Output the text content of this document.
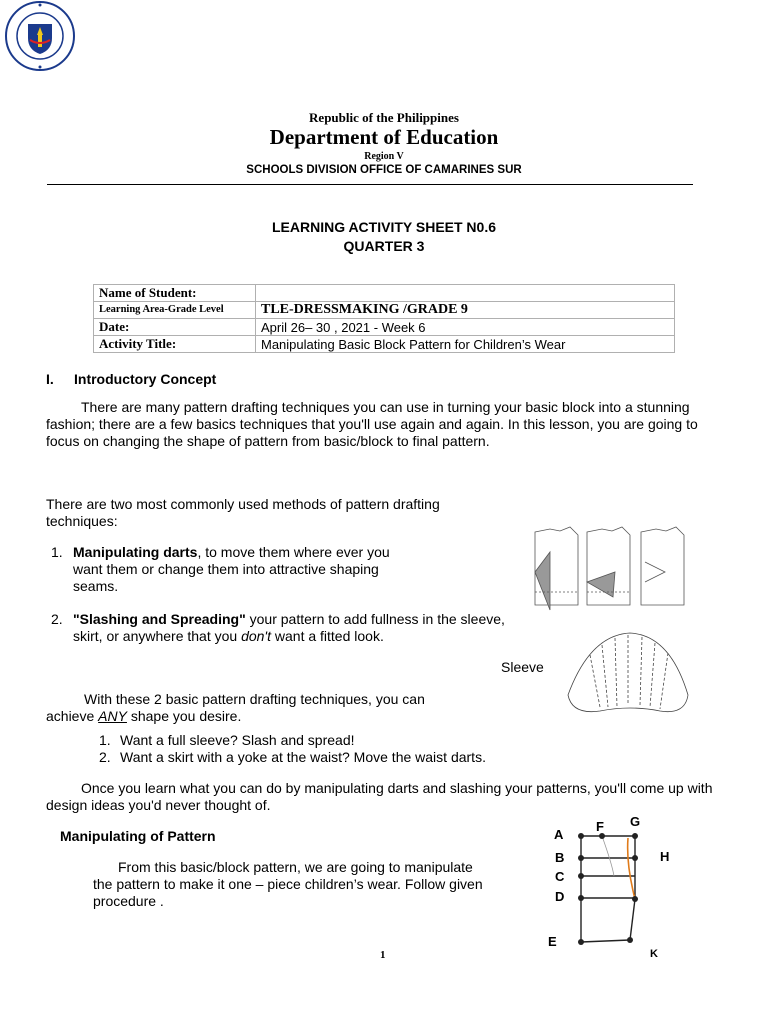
Republic of the Philippines
Department of Education
Region V
SCHOOLS DIVISION OFFICE OF CAMARINES SUR
LEARNING ACTIVITY SHEET N0.6
QUARTER 3
Name of Student:	
Learning Area-Grade Level	TLE-DRESSMAKING /GRADE 9
Date:	April 26– 30 , 2021 - Week 6
Activity Title:	Manipulating Basic Block Pattern for Children’s Wear
I. Introductory Concept
There are many pattern drafting techniques you can use in turning your basic block into a stunning fashion; there are a few basics techniques that you'll use again and again. In this lesson, you are going to focus on changing the shape of pattern from basic/block to final pattern.
There are two most commonly used methods of pattern drafting techniques:
1. Manipulating darts, to move them where ever you want them or change them into attractive shaping seams.
2. "Slashing and Spreading" your pattern to add fullness in the sleeve, skirt, or anywhere that you don't want a fitted look.
Sleeve
With these 2 basic pattern drafting techniques, you can achieve ANY shape you desire.
1. Want a full sleeve? Slash and spread!
2. Want a skirt with a yoke at the waist? Move the waist darts.
Once you learn what you can do by manipulating darts and slashing your patterns, you'll come up with design ideas you'd never thought of.
Manipulating of Pattern
From this basic/block pattern, we are going to manipulate the pattern to make it one – piece children’s wear. Follow given procedure .
A
F G
B	H
C
D
E
K
1
